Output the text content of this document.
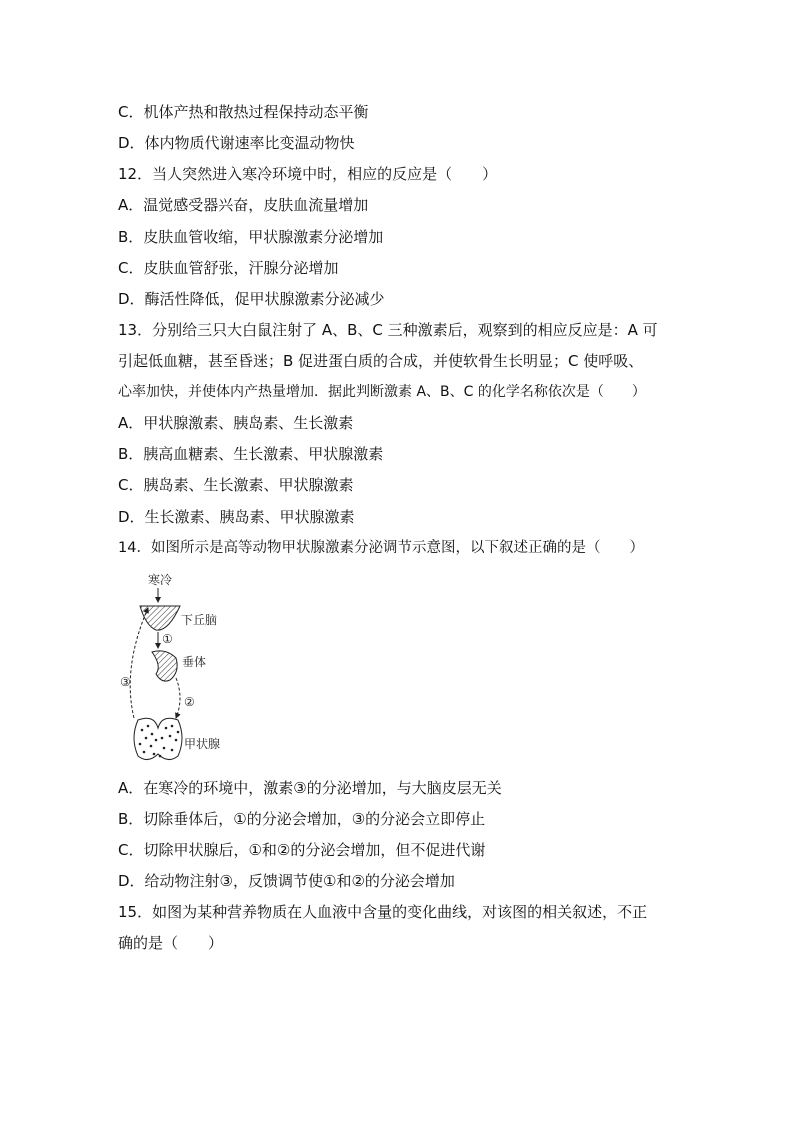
C．机体产热和散热过程保持动态平衡
D．体内物质代谢速率比变温动物快
12．当人突然进入寒冷环境中时，相应的反应是（　　）
A．温觉感受器兴奋，皮肤血流量增加
B．皮肤血管收缩，甲状腺激素分泌增加
C．皮肤血管舒张，汗腺分泌增加
D．酶活性降低，促甲状腺激素分泌减少
13．分别给三只大白鼠注射了 A、B、C 三种激素后，观察到的相应反应是：A 可
引起低血糖，甚至昏迷；B 促进蛋白质的合成，并使软骨生长明显；C 使呼吸、
心率加快，并使体内产热量增加．据此判断激素 A、B、C 的化学名称依次是（　　）
A．甲状腺激素、胰岛素、生长激素
B．胰高血糖素、生长激素、甲状腺激素
C．胰岛素、生长激素、甲状腺激素
D．生长激素、胰岛素、甲状腺激素
14．如图所示是高等动物甲状腺激素分泌调节示意图，以下叙述正确的是（　　）
寒冷
下丘脑
①
垂体
②
③
甲状腺
A．在寒冷的环境中，激素③的分泌增加，与大脑皮层无关
B．切除垂体后，①的分泌会增加，③的分泌会立即停止
C．切除甲状腺后，①和②的分泌会增加，但不促进代谢
D．给动物注射③，反馈调节使①和②的分泌会增加
15．如图为某种营养物质在人血液中含量的变化曲线，对该图的相关叙述，不正
确的是（　　）
